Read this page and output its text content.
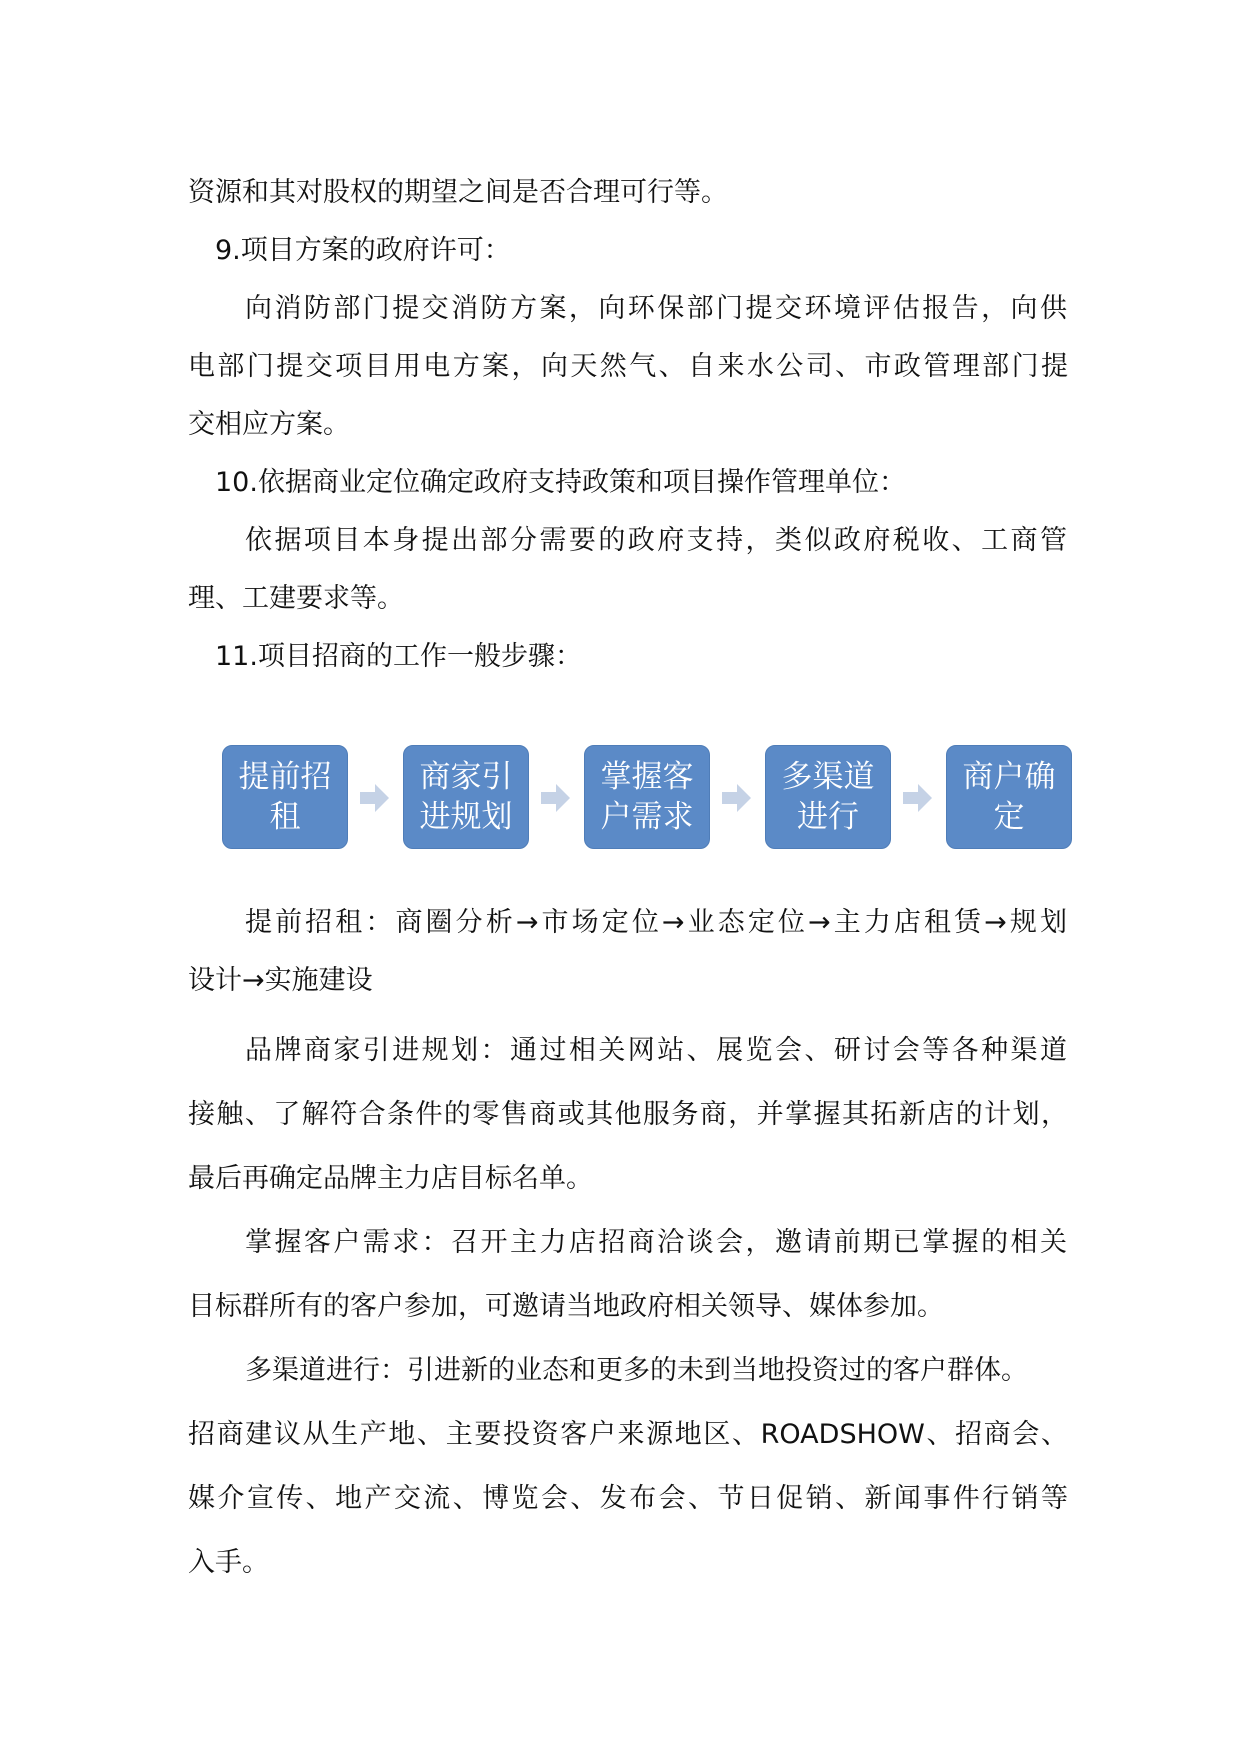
资源和其对股权的期望之间是否合理可行等。

9.项目方案的政府许可：

向消防部门提交消防方案，向环保部门提交环境评估报告，向供

电部门提交项目用电方案，向天然气、自来水公司、市政管理部门提

交相应方案。

10.依据商业定位确定政府支持政策和项目操作管理单位：

依据项目本身提出部分需要的政府支持，类似政府税收、工商管

理、工建要求等。

11.项目招商的工作一般步骤：

提前招租
商家引进规划
掌握客户需求
多渠道进行
商户确定

提前招租：商圈分析→市场定位→业态定位→主力店租赁→规划

设计→实施建设

品牌商家引进规划：通过相关网站、展览会、研讨会等各种渠道

接触、了解符合条件的零售商或其他服务商，并掌握其拓新店的计划，

最后再确定品牌主力店目标名单。

掌握客户需求：召开主力店招商洽谈会，邀请前期已掌握的相关

目标群所有的客户参加，可邀请当地政府相关领导、媒体参加。

多渠道进行：引进新的业态和更多的未到当地投资过的客户群体。

招商建议从生产地、主要投资客户来源地区、ROADSHOW、招商会、

媒介宣传、地产交流、博览会、发布会、节日促销、新闻事件行销等

入手。
